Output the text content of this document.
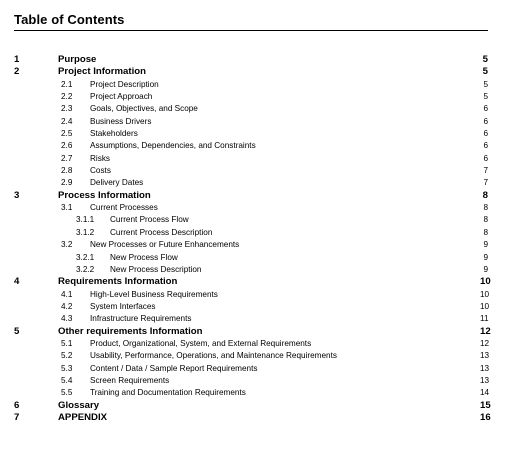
Table of Contents
1	Purpose	5
2	Project Information	5
2.1 Project Description	5
2.2 Project Approach	5
2.3 Goals, Objectives, and Scope	6
2.4 Business Drivers	6
2.5 Stakeholders	6
2.6 Assumptions, Dependencies, and Constraints	6
2.7 Risks	6
2.8 Costs	7
2.9 Delivery Dates	7
3	Process Information	8
3.1 Current Processes	8
3.1.1 Current Process Flow	8
3.1.2 Current Process Description	8
3.2 New Processes or Future Enhancements	9
3.2.1 New Process Flow	9
3.2.2 New Process Description	9
4	Requirements Information	10
4.1 High-Level Business Requirements	10
4.2 System Interfaces	10
4.3 Infrastructure Requirements	11
5	Other requirements Information	12
5.1 Product, Organizational, System, and External Requirements	12
5.2 Usability, Performance, Operations, and Maintenance Requirements	13
5.3 Content / Data / Sample Report Requirements	13
5.4 Screen Requirements	13
5.5 Training and Documentation Requirements	14
6	Glossary	15
7	APPENDIX	16
